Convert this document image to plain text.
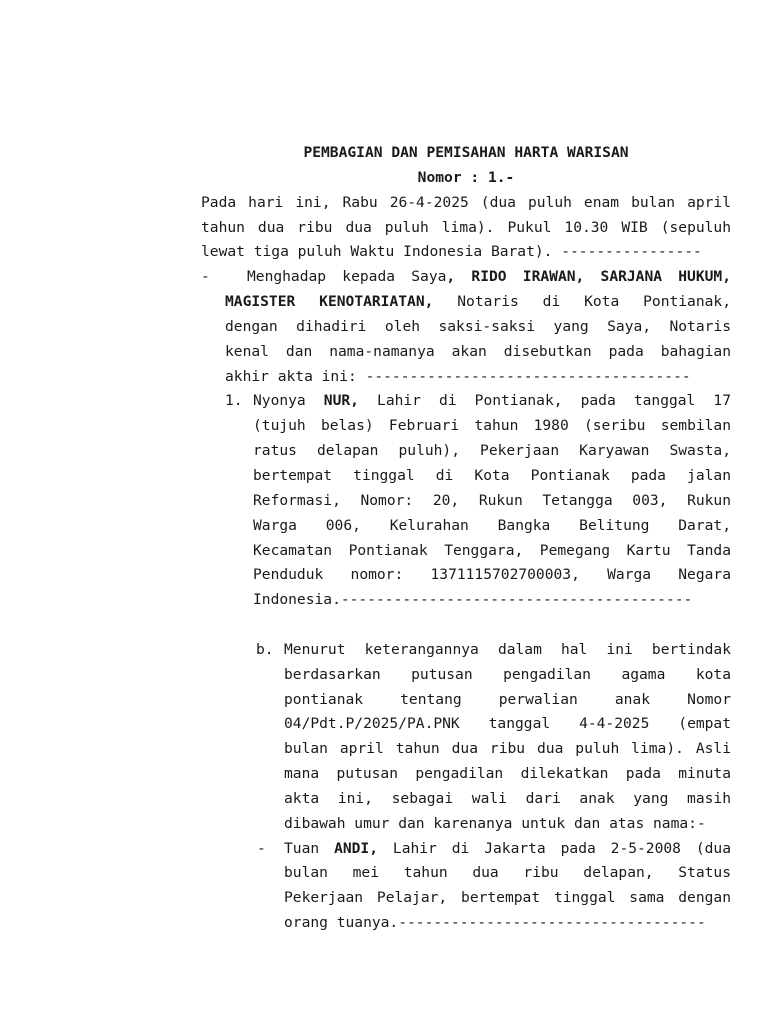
PEMBAGIAN DAN PEMISAHAN HARTA WARISAN
Nomor : 1.-
Pada hari ini, Rabu 26-4-2025 (dua puluh enam bulan april
tahun dua ribu dua puluh lima). Pukul 10.30 WIB (sepuluh
lewat tiga puluh Waktu Indonesia Barat). ----------------
-	Menghadap kepada Saya, RIDO IRAWAN, SARJANA HUKUM,
MAGISTER KENOTARIATAN, Notaris di Kota Pontianak,
dengan dihadiri oleh saksi-saksi yang Saya, Notaris
kenal dan nama-namanya akan disebutkan pada bahagian
akhir akta ini: -------------------------------------
1. Nyonya NUR, Lahir di Pontianak, pada tanggal 17
(tujuh belas) Februari tahun 1980 (seribu sembilan
ratus delapan puluh), Pekerjaan Karyawan Swasta,
bertempat tinggal di Kota Pontianak pada jalan
Reformasi, Nomor: 20, Rukun Tetangga 003, Rukun
Warga 006, Kelurahan Bangka Belitung Darat,
Kecamatan Pontianak Tenggara, Pemegang Kartu Tanda
Penduduk nomor: 1371115702700003, Warga Negara
Indonesia.----------------------------------------

b. Menurut keterangannya dalam hal ini bertindak
berdasarkan putusan pengadilan agama kota
pontianak tentang perwalian anak Nomor
04/Pdt.P/2025/PA.PNK tanggal 4-4-2025 (empat
bulan april tahun dua ribu dua puluh lima). Asli
mana putusan pengadilan dilekatkan pada minuta
akta ini, sebagai wali dari anak yang masih
dibawah umur dan karenanya untuk dan atas nama:-
- Tuan ANDI, Lahir di Jakarta pada 2-5-2008 (dua
bulan mei tahun dua ribu delapan, Status
Pekerjaan Pelajar, bertempat tinggal sama dengan
orang tuanya.-----------------------------------
